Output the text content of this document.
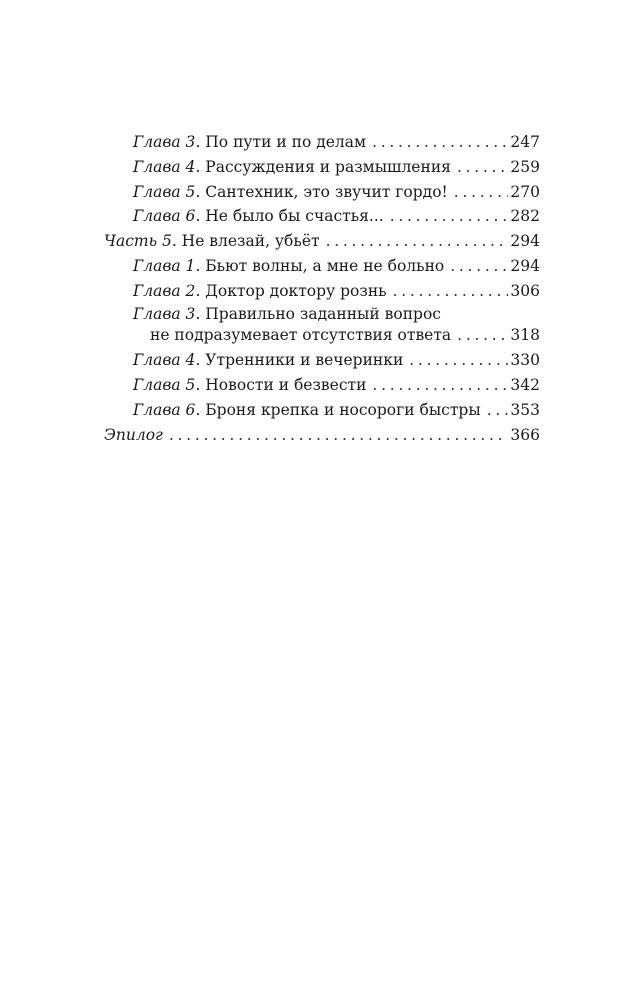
Глава 3 . По пути и по делам . . .	247
Глава 4 . Рассуждения и размышления . . .	259
Глава 5 . Сантехник, это звучит гордо! . . .	270
Глава 6 . Не было бы счастья... . . .	282
Часть 5 . Не влезай, убьёт . . .	294
Глава 1 . Бьют волны, а мне не больно . . .	294
Глава 2 . Доктор доктору рознь . . .	306
Глава 3. Правильно заданный вопрос
не подразумевает отсутствия ответа . . .	318
Глава 4 . Утренники и вечеринки . . .	330
Глава 5 . Новости и безвести . . .	342
Глава 6 . Броня крепка и носороги быстры . . . 353
Эпилог . . .	366
